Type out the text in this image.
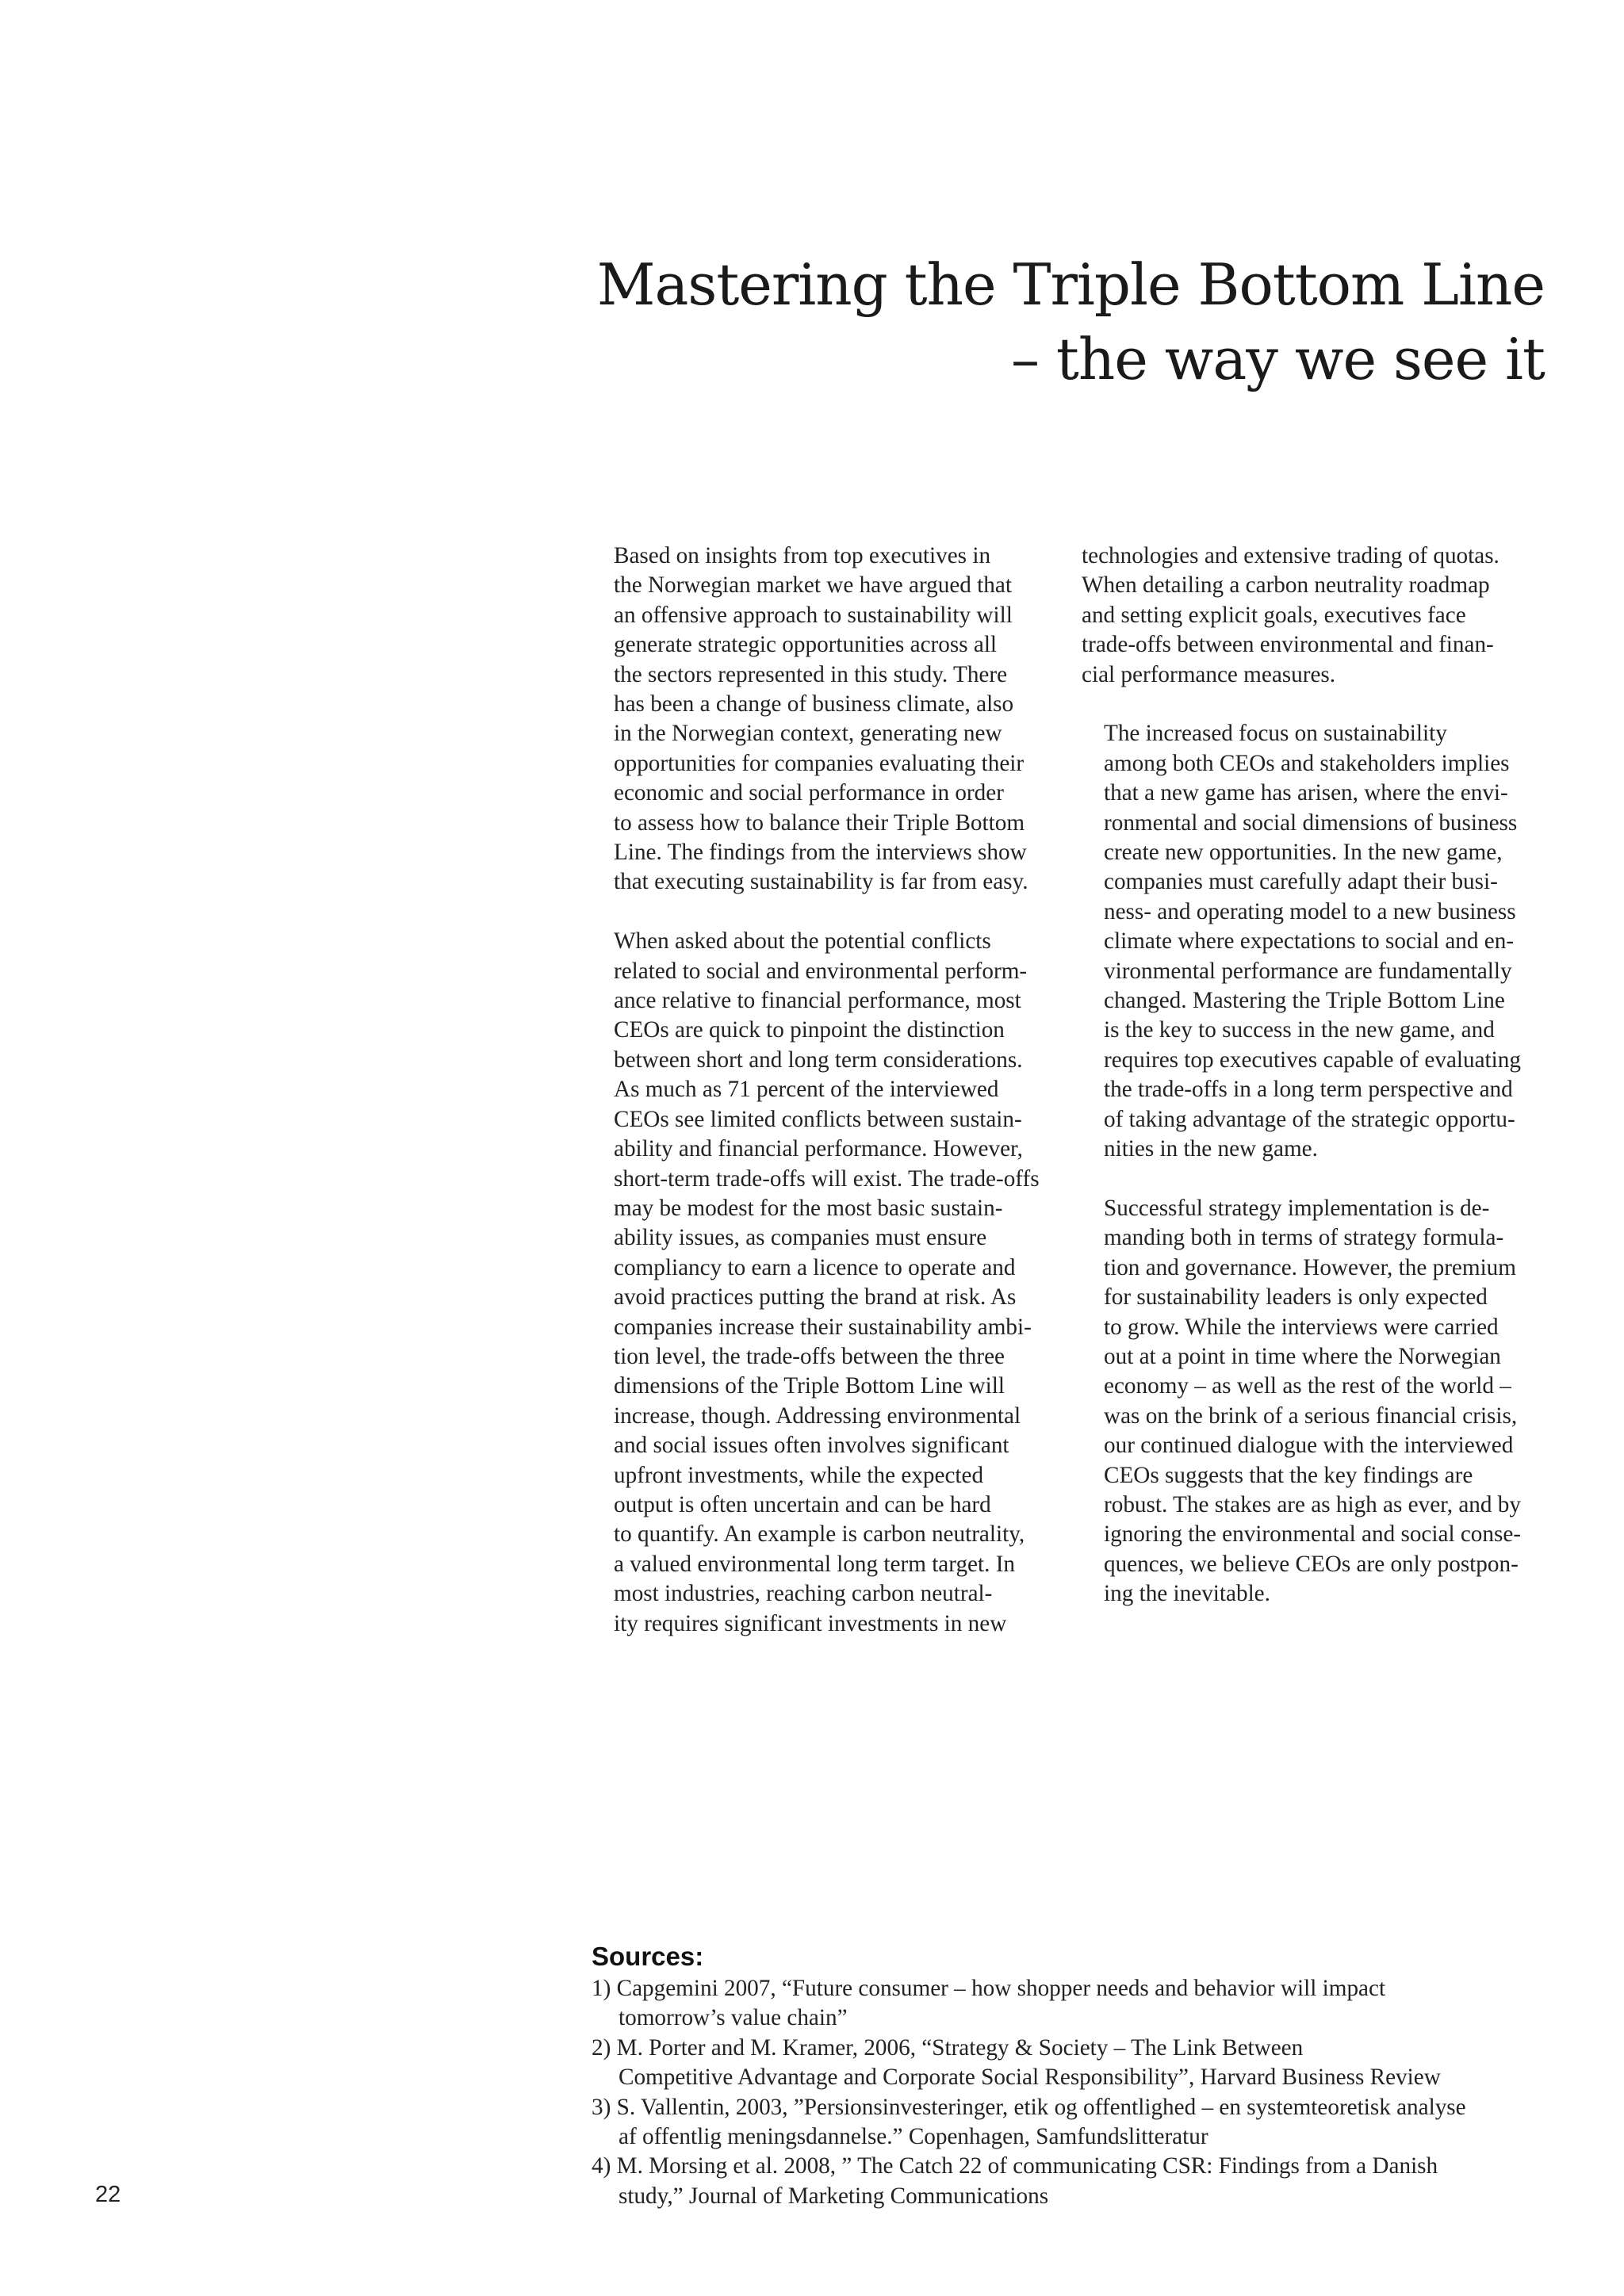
Mastering the Triple Bottom Line
– the way we see it

Based on insights from top executives in
the Norwegian market we have argued that
an offensive approach to sustainability will
generate strategic opportunities across all
the sectors represented in this study. There
has been a change of business climate, also
in the Norwegian context, generating new
opportunities for companies evaluating their
economic and social performance in order
to assess how to balance their Triple Bottom
Line. The findings from the interviews show
that executing sustainability is far from easy.

When asked about the potential conflicts
related to social and environmental perform-
ance relative to financial performance, most
CEOs are quick to pinpoint the distinction
between short and long term considerations.
As much as 71 percent of the interviewed
CEOs see limited conflicts between sustain-
ability and financial performance. However,
short-term trade-offs will exist. The trade-offs
may be modest for the most basic sustain-
ability issues, as companies must ensure
compliancy to earn a licence to operate and
avoid practices putting the brand at risk. As
companies increase their sustainability ambi-
tion level, the trade-offs between the three
dimensions of the Triple Bottom Line will
increase, though. Addressing environmental
and social issues often involves significant
upfront investments, while the expected
output is often uncertain and can be hard
to quantify. An example is carbon neutrality,
a valued environmental long term target. In
most industries, reaching carbon neutral-
ity requires significant investments in new

technologies and extensive trading of quotas.
When detailing a carbon neutrality roadmap
and setting explicit goals, executives face
trade-offs between environmental and finan-
cial performance measures.

The increased focus on sustainability
among both CEOs and stakeholders implies
that a new game has arisen, where the envi-
ronmental and social dimensions of business
create new opportunities. In the new game,
companies must carefully adapt their busi-
ness- and operating model to a new business
climate where expectations to social and en-
vironmental performance are fundamentally
changed. Mastering the Triple Bottom Line
is the key to success in the new game, and
requires top executives capable of evaluating
the trade-offs in a long term perspective and
of taking advantage of the strategic opportu-
nities in the new game.

Successful strategy implementation is de-
manding both in terms of strategy formula-
tion and governance. However, the premium
for sustainability leaders is only expected
to grow. While the interviews were carried
out at a point in time where the Norwegian
economy – as well as the rest of the world –
was on the brink of a serious financial crisis,
our continued dialogue with the interviewed
CEOs suggests that the key findings are
robust. The stakes are as high as ever, and by
ignoring the environmental and social conse-
quences, we believe CEOs are only postpon-
ing the inevitable.

Sources:
1) Capgemini 2007, “Future consumer – how shopper needs and behavior will impact
tomorrow’s value chain”
2) M. Porter and M. Kramer, 2006, “Strategy & Society – The Link Between
Competitive Advantage and Corporate Social Responsibility”, Harvard Business Review
3) S. Vallentin, 2003, ”Persionsinvesteringer, etik og offentlighed – en systemteoretisk analyse
af offentlig meningsdannelse.” Copenhagen, Samfundslitteratur
4) M. Morsing et al. 2008, ” The Catch 22 of communicating CSR: Findings from a Danish
study,” Journal of Marketing Communications
22
